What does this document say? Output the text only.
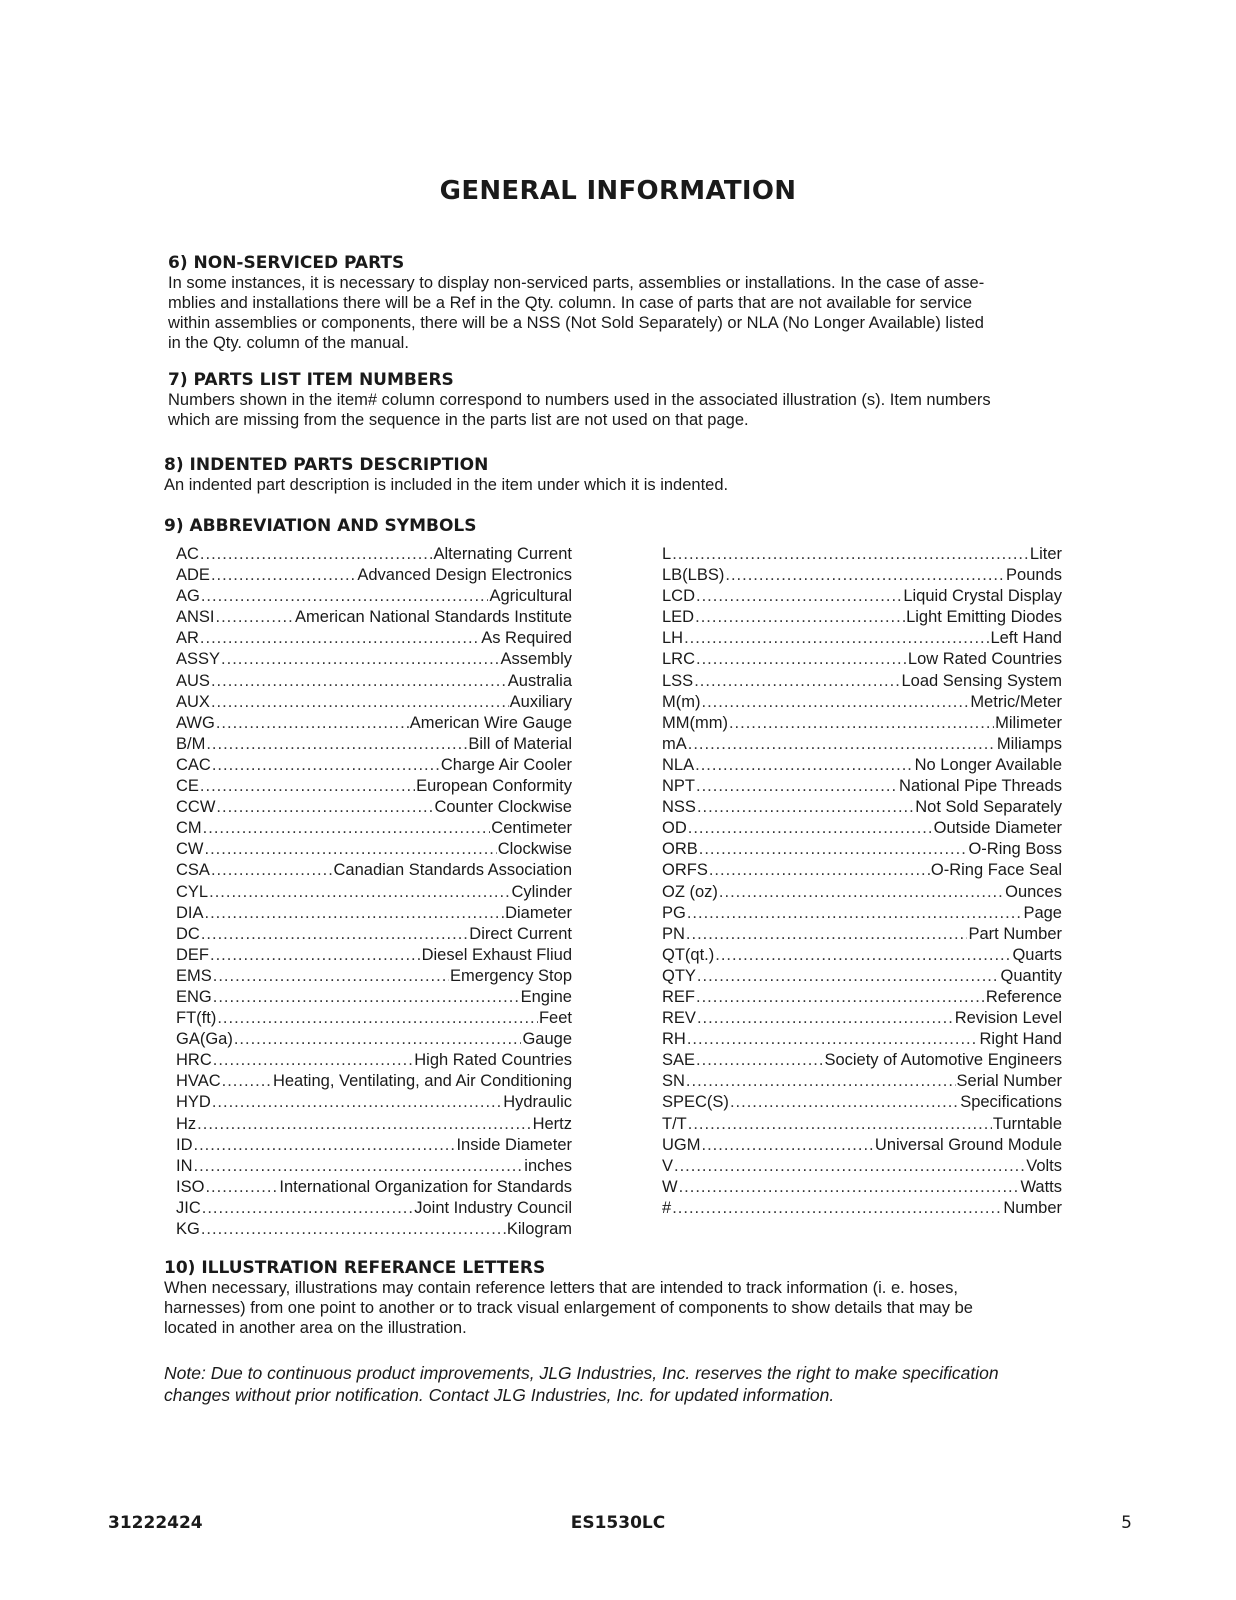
GENERAL INFORMATION

6) NON-SERVICED PARTS

In some instances, it is necessary to display non-serviced parts, assemblies or installations. In the case of asse-
mblies and installations there will be a Ref in the Qty. column. In case of parts that are not available for service
within assemblies or components, there will be a NSS (Not Sold Separately) or NLA (No Longer Available) listed
in the Qty. column of the manual.

7) PARTS LIST ITEM NUMBERS

Numbers shown in the item# column correspond to numbers used in the associated illustration (s). Item numbers
which are missing from the sequence in the parts list are not used on that page.

8) INDENTED PARTS DESCRIPTION

An indented part description is included in the item under which it is indented.

9) ABBREVIATION AND SYMBOLS

AC .....	Alternating Current
ADE .....	Advanced Design Electronics
AG .....	Agricultural
ANSI .....	American National Standards Institute
AR .....	As Required
ASSY .....	Assembly
AUS .....	Australia
AUX .....	Auxiliary
AWG .....	American Wire Gauge
B/M .....	Bill of Material
CAC .....	Charge Air Cooler
CE .....	European Conformity
CCW .....	Counter Clockwise
CM .....	Centimeter
CW .....	Clockwise
CSA .....	Canadian Standards Association
CYL .....	Cylinder
DIA .....	Diameter
DC .....	Direct Current
DEF .....	Diesel Exhaust Fliud
EMS .....	Emergency Stop
ENG .....	Engine
FT(ft) .....	Feet
GA(Ga) .....	Gauge
HRC .....	High Rated Countries
HVAC .....	Heating, Ventilating, and Air Conditioning
HYD .....	Hydraulic
Hz .....	Hertz
ID .....	Inside Diameter
IN .....	inches
ISO .....	International Organization for Standards
JIC .....	Joint Industry Council
KG .....	Kilogram
L .....	Liter
LB(LBS) .....	Pounds
LCD .....	Liquid Crystal Display
LED .....	Light Emitting Diodes
LH .....	Left Hand
LRC .....	Low Rated Countries
LSS .....	Load Sensing System
M(m) .....	Metric/Meter
MM(mm) .....	Milimeter
mA .....	Miliamps
NLA .....	No Longer Available
NPT .....	National Pipe Threads
NSS .....	Not Sold Separately
OD .....	Outside Diameter
ORB .....	O-Ring Boss
ORFS .....	O-Ring Face Seal
OZ (oz) .....	Ounces
PG .....	Page
PN .....	Part Number
QT(qt.) .....	Quarts
QTY .....	Quantity
REF .....	Reference
REV .....	Revision Level
RH .....	Right Hand
SAE .....	Society of Automotive Engineers
SN .....	Serial Number
SPEC(S) .....	Specifications
T/T .....	Turntable
UGM .....	Universal Ground Module
V .....	Volts
W .....	Watts
# .....	Number

10) ILLUSTRATION REFERANCE LETTERS

When necessary, illustrations may contain reference letters that are intended to track information (i. e. hoses,
harnesses) from one point to another or to track visual enlargement of components to show details that may be
located in another area on the illustration.

Note: Due to continuous product improvements, JLG Industries, Inc. reserves the right to make specification
changes without prior notification. Contact JLG Industries, Inc. for updated information.

31222424	ES1530LC	5
